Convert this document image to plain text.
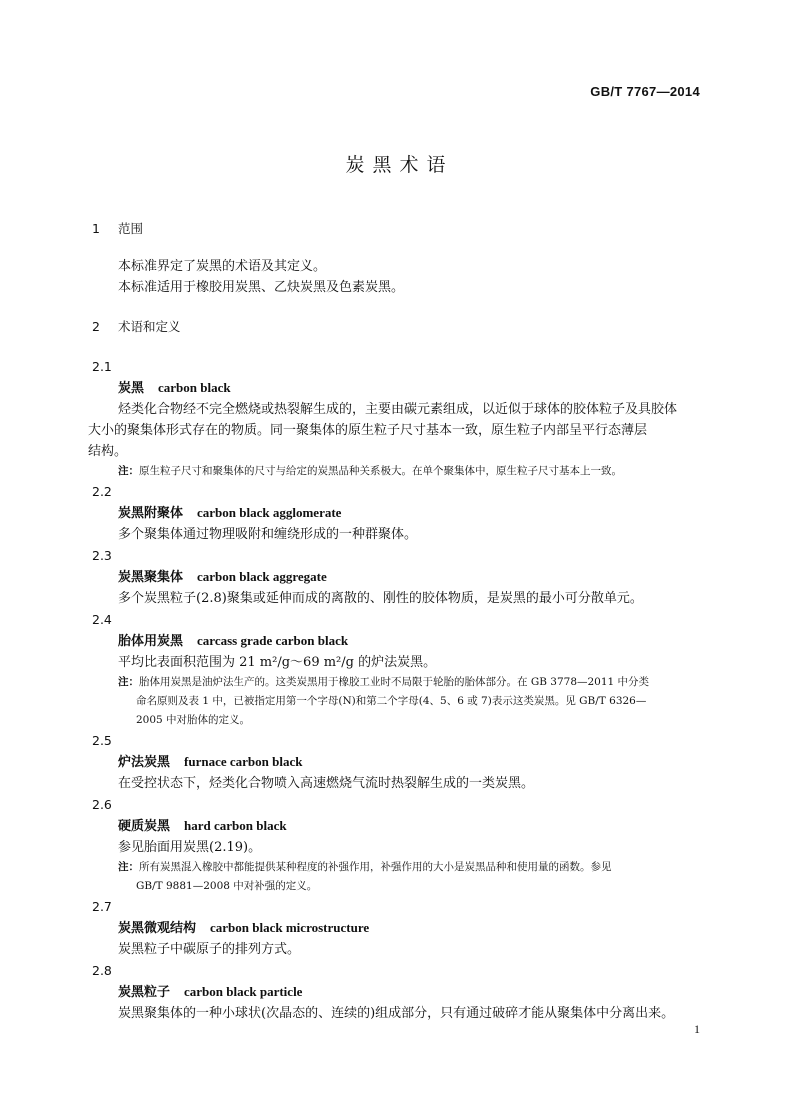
GB/T 7767—2014
炭 黑 术 语
1 范围

本标准界定了炭黑的术语及其定义。

本标准适用于橡胶用炭黑、乙炔炭黑及色素炭黑。

2 术语和定义
2.1
炭黑 carbon black

烃类化合物经不完全燃烧或热裂解生成的，主要由碳元素组成，以近似于球体的胶体粒子及具胶体

大小的聚集体形式存在的物质。同一聚集体的原生粒子尺寸基本一致，原生粒子内部呈平行态薄层

结构。

注：原生粒子尺寸和聚集体的尺寸与给定的炭黑品种关系极大。在单个聚集体中，原生粒子尺寸基本上一致。

2.2
炭黑附聚体 carbon black agglomerate

多个聚集体通过物理吸附和缠绕形成的一种群聚体。

2.3
炭黑聚集体 carbon black aggregate

多个炭黑粒子(2.8)聚集或延伸而成的离散的、刚性的胶体物质，是炭黑的最小可分散单元。

2.4
胎体用炭黑 carcass grade carbon black

平均比表面积范围为 21 m²/g～69 m²/g 的炉法炭黑。

注：胎体用炭黑是油炉法生产的。这类炭黑用于橡胶工业时不局限于轮胎的胎体部分。在 GB 3778—2011 中分类

命名原则及表 1 中，已被指定用第一个字母(N)和第二个字母(4、5、6 或 7)表示这类炭黑。见 GB/T 6326—

2005 中对胎体的定义。

2.5
炉法炭黑 furnace carbon black

在受控状态下，烃类化合物喷入高速燃烧气流时热裂解生成的一类炭黑。

2.6
硬质炭黑 hard carbon black

参见胎面用炭黑(2.19)。

注：所有炭黑混入橡胶中都能提供某种程度的补强作用，补强作用的大小是炭黑品种和使用量的函数。参见

GB/T 9881—2008 中对补强的定义。

2.7
炭黑微观结构 carbon black microstructure

炭黑粒子中碳原子的排列方式。

2.8
炭黑粒子 carbon black particle

炭黑聚集体的一种小球状(次晶态的、连续的)组成部分，只有通过破碎才能从聚集体中分离出来。

1
